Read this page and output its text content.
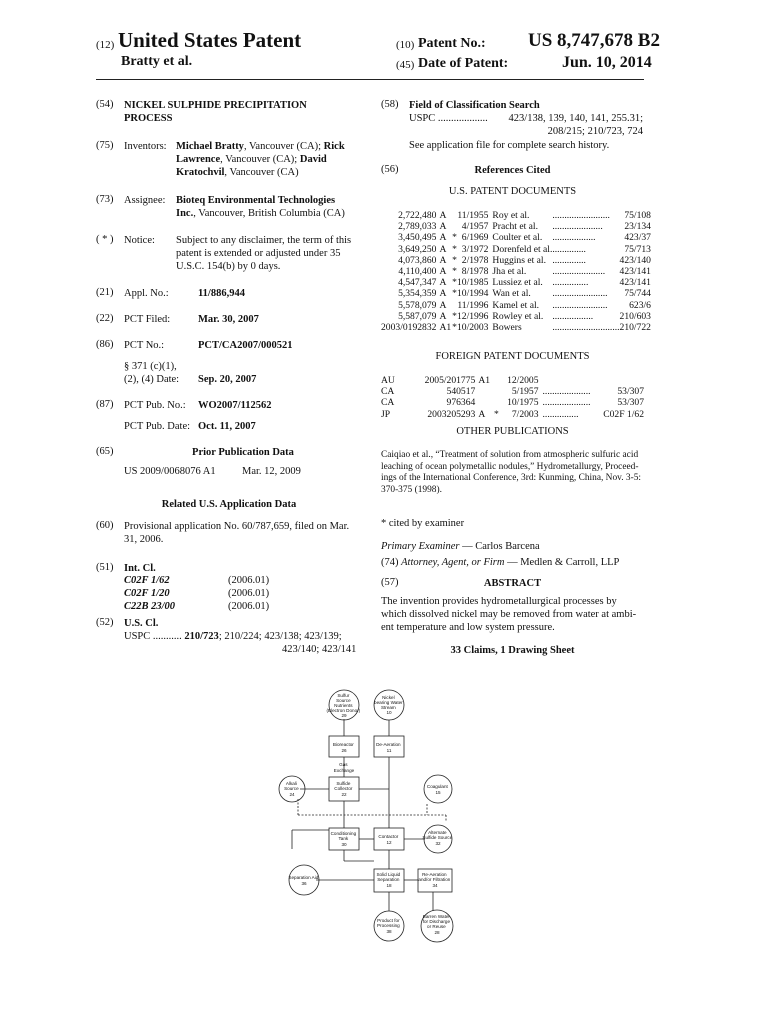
(12) United States Patent
Bratty et al.
(10) Patent No.: US 8,747,678 B2
(45) Date of Patent:	Jun. 10, 2014
(54) NICKEL SULPHIDE PRECIPITATION
PROCESS
(75) Inventors: Michael Bratty, Vancouver (CA); Rick
Lawrence, Vancouver (CA); David
Kratochvil, Vancouver (CA)
(73) Assignee: Bioteq Environmental Technologies
Inc., Vancouver, British Columbia (CA)
( * ) Notice: Subject to any disclaimer, the term of this
patent is extended or adjusted under 35
U.S.C. 154(b) by 0 days.
(21) Appl. No.:	11/886,944
(22) PCT Filed:	Mar. 30, 2007
(86) PCT No.:	PCT/CA2007/000521
§ 371 (c)(1),
(2), (4) Date: Sep. 20, 2007
(87) PCT Pub. No.: WO2007/112562
PCT Pub. Date: Oct. 11, 2007
(65)	Prior Publication Data
US 2009/0068076 A1	Mar. 12, 2009
Related U.S. Application Data
(60) Provisional application No. 60/787,659, filed on Mar.
31, 2006.
(51) Int. Cl.
C02F 1/62	(2006.01)
C02F 1/20	(2006.01)
C22B 23/00	(2006.01)
(52) U.S. Cl.
USPC ........... 210/723; 210/224; 423/138; 423/139;
423/140; 423/141
(58) Field of Classification Search
USPC ................... 423/138, 139, 140, 141, 255.31;
208/215; 210/723, 724
See application file for complete search history.
(56)	References Cited
U.S. PATENT DOCUMENTS
2,722,480	A		11/1955	Roy et al.	........................	75/108
2,789,033	A		4/1957	Pracht et al.	.....................	23/134
3,450,495	A	*	6/1969	Coulter et al.	..................	423/37
3,649,250	A	*	3/1972	Dorenfeld et al.	..............	75/713
4,073,860	A	*	2/1978	Huggins et al.	..............	423/140
4,110,400	A	*	8/1978	Jha et al.	......................	423/141
4,547,347	A	*	10/1985	Lussiez et al.	...............	423/141
5,354,359	A	*	10/1994	Wan et al.	.......................	75/744
5,578,079	A		11/1996	Kamel et al.	.......................	623/6
5,587,079	A	*	12/1996	Rowley et al.	.................	210/603
2003/0192832	A1	*	10/2003	Bowers	............................	210/722
FOREIGN PATENT DOCUMENTS
AU	2005/201775	A1		12/2005		
CA	540517			5/1957	....................	53/307
CA	976364			10/1975	....................	53/307
JP	2003205293	A	*	7/2003	...............	C02F 1/62
OTHER PUBLICATIONS
Caiqiao et al., “Treatment of solution from atmospheric sulfuric acid
leaching of ocean polymetallic nodules,” Hydrometallurgy, Proceed-
ings of the International Conference, 3rd: Kunming, China, Nov. 3-5:
370-375 (1998).
* cited by examiner
Primary Examiner — Carlos Barcena
(74) Attorney, Agent, or Firm — Medlen & Carroll, LLP
(57)	ABSTRACT
The invention provides hydrometallurgical processes by
which dissolved nickel may be removed from water at ambi-
ent temperature and low system pressure.
33 Claims, 1 Drawing Sheet
Sulfur Source Nutrients (Electron Donor) 29
Nickel bearing Water Stream 10
Bioreactor 26
De-Aeration 11
Gas Exchange
Sulfide Collector 22
Alkali Source 24
Coagulant 15
Conditioning Tank 30
Contactor 12
Alternate Sulfide Source 32
Separation Aid 36
Solid Liquid Separation 18
Re-Aeration and/or Filtration 34
Product for Processing 38
Barren Water for Discharge or Reuse 28
